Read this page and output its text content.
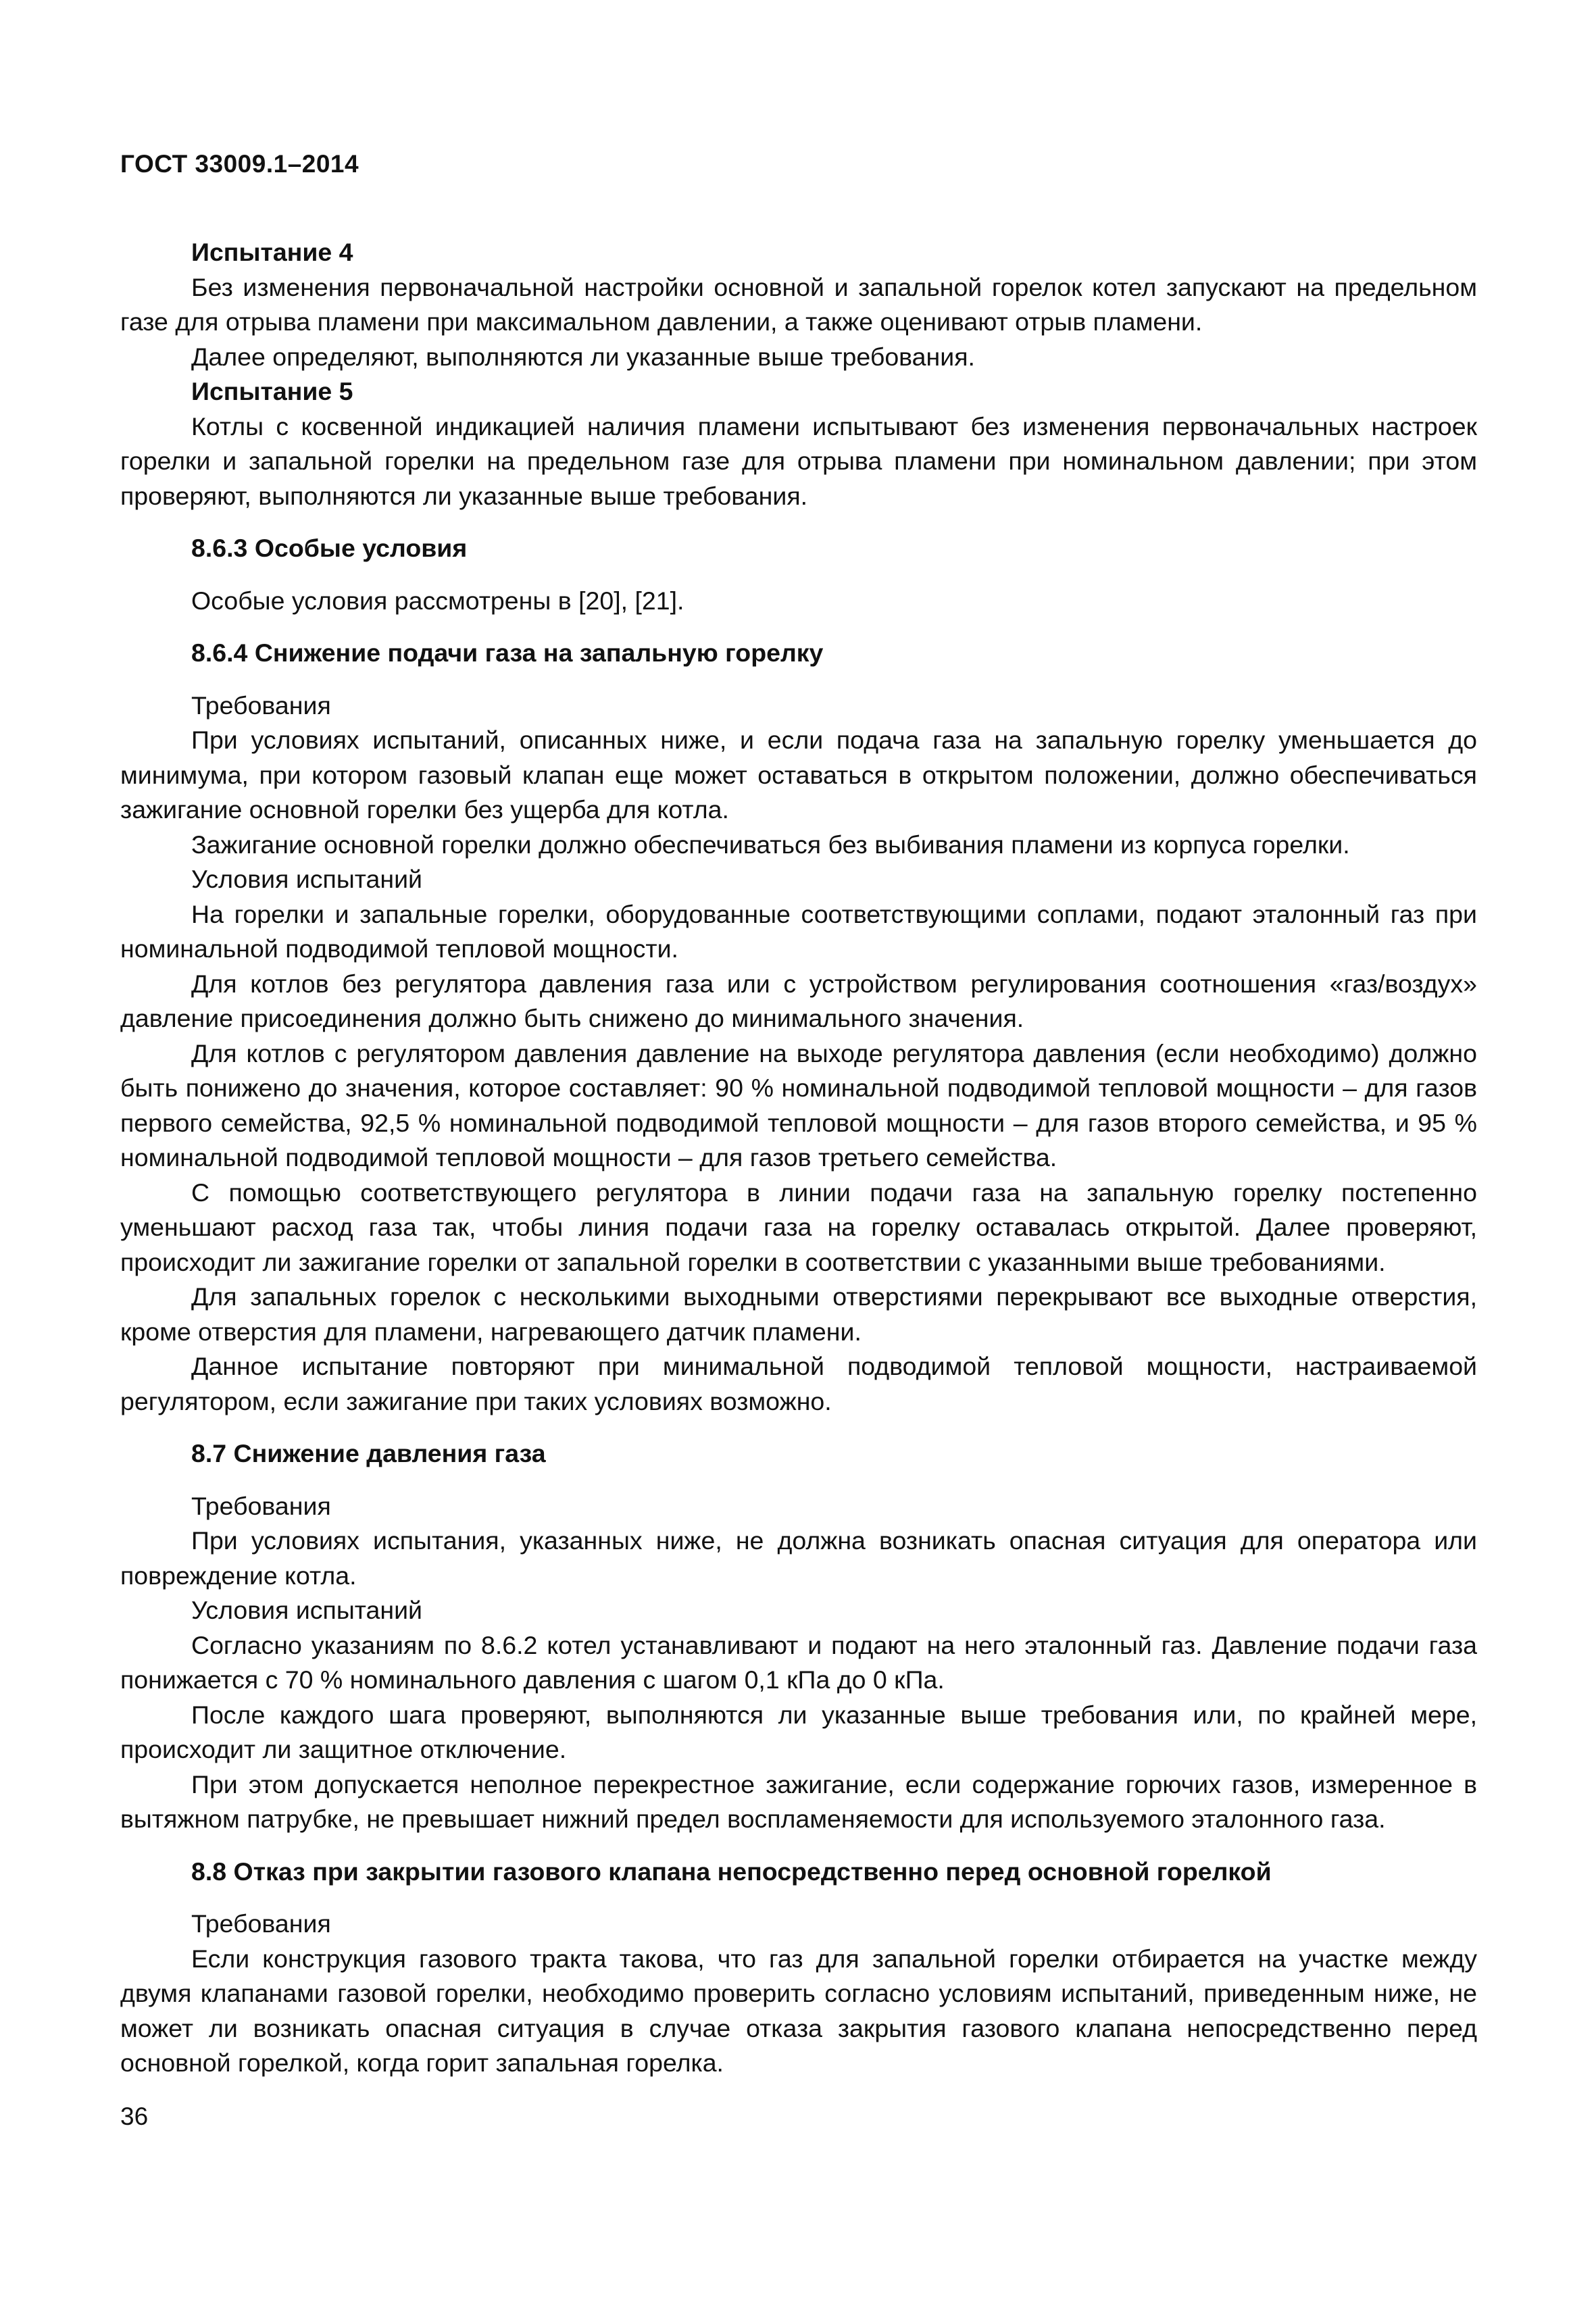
ГОСТ 33009.1–2014

Испытание 4

Без изменения первоначальной настройки основной и запальной горелок котел запускают на предельном газе для отрыва пламени при максимальном давлении, а также оценивают отрыв пламени.

Далее определяют, выполняются ли указанные выше требования.

Испытание 5

Котлы с косвенной индикацией наличия пламени испытывают без изменения первоначальных настроек горелки и запальной горелки на предельном газе для отрыва пламени при номинальном давлении; при этом проверяют, выполняются ли указанные выше требования.

8.6.3 Особые условия

Особые условия рассмотрены в [20], [21].

8.6.4 Снижение подачи газа на запальную горелку

Требования

При условиях испытаний, описанных ниже, и если подача газа на запальную горелку уменьшается до минимума, при котором газовый клапан еще может оставаться в открытом положении, должно обеспечиваться зажигание основной горелки без ущерба для котла.

Зажигание основной горелки должно обеспечиваться без выбивания пламени из корпуса горелки.

Условия испытаний

На горелки и запальные горелки, оборудованные соответствующими соплами, подают эталонный газ при номинальной подводимой тепловой мощности.

Для котлов без регулятора давления газа или с устройством регулирования соотношения «газ/воздух» давление присоединения должно быть снижено до минимального значения.

Для котлов с регулятором давления давление на выходе регулятора давления (если необходимо) должно быть понижено до значения, которое составляет: 90 % номинальной подводимой тепловой мощности – для газов первого семейства, 92,5 % номинальной подводимой тепловой мощности – для газов второго семейства, и 95 % номинальной подводимой тепловой мощности – для газов третьего семейства.

С помощью соответствующего регулятора в линии подачи газа на запальную горелку постепенно уменьшают расход газа так, чтобы линия подачи газа на горелку оставалась открытой. Далее проверяют, происходит ли зажигание горелки от запальной горелки в соответствии с указанными выше требованиями.

Для запальных горелок с несколькими выходными отверстиями перекрывают все выходные отверстия, кроме отверстия для пламени, нагревающего датчик пламени.

Данное испытание повторяют при минимальной подводимой тепловой мощности, настраиваемой регулятором, если зажигание при таких условиях возможно.

8.7 Снижение давления газа

Требования

При условиях испытания, указанных ниже, не должна возникать опасная ситуация для оператора или повреждение котла.

Условия испытаний

Согласно указаниям по 8.6.2 котел устанавливают и подают на него эталонный газ. Давление подачи газа понижается с 70 % номинального давления с шагом 0,1 кПа до 0 кПа.

После каждого шага проверяют, выполняются ли указанные выше требования или, по крайней мере, происходит ли защитное отключение.

При этом допускается неполное перекрестное зажигание, если содержание горючих газов, измеренное в вытяжном патрубке, не превышает нижний предел воспламеняемости для используемого эталонного газа.

8.8 Отказ при закрытии газового клапана непосредственно перед основной горелкой

Требования

Если конструкция газового тракта такова, что газ для запальной горелки отбирается на участке между двумя клапанами газовой горелки, необходимо проверить согласно условиям испытаний, приведенным ниже, не может ли возникать опасная ситуация в случае отказа закрытия газового клапана непосредственно перед основной горелкой, когда горит запальная горелка.

36
